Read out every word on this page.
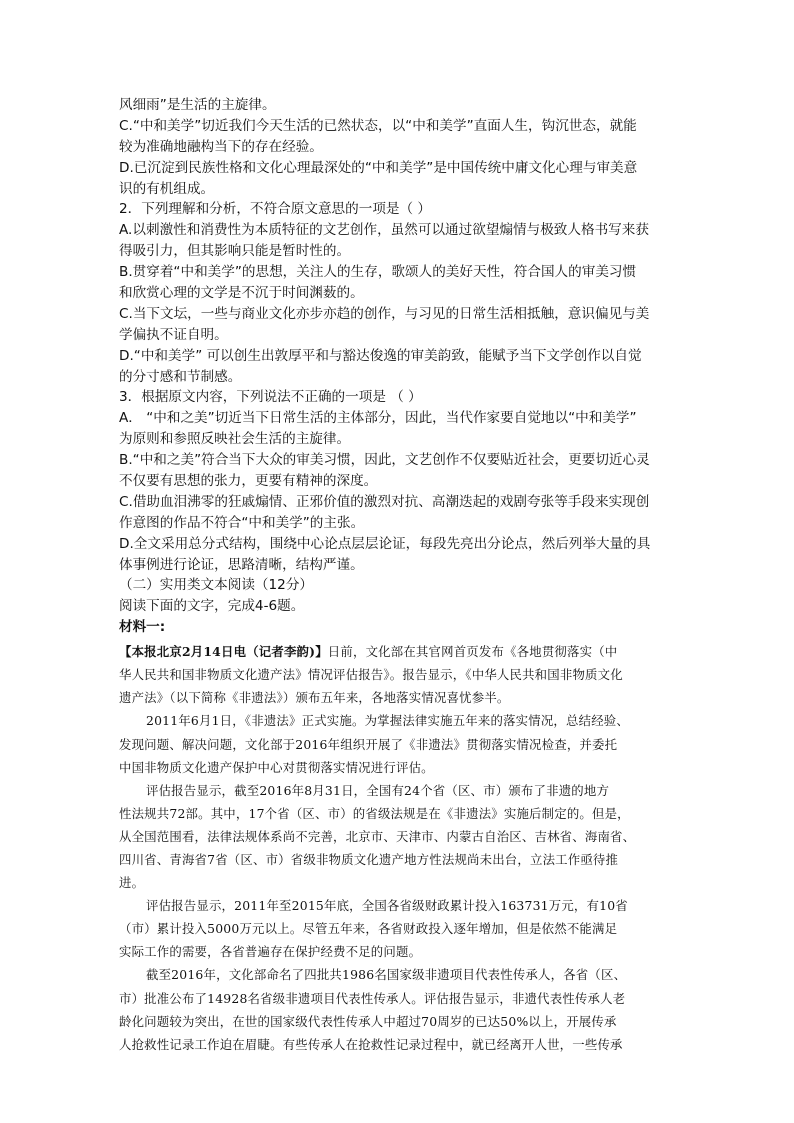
风细雨”是生活的主旋律。
C.“中和美学”切近我们今天生活的已然状态，以“中和美学”直面人生，钩沉世态，就能
较为准确地融构当下的存在经验。
D.已沉淀到民族性格和文化心理最深处的“中和美学”是中国传统中庸文化心理与审美意
识的有机组成。
2．下列理解和分析，不符合原文意思的一项是（ ）
A.以刺激性和消费性为本质特征的文艺创作，虽然可以通过欲望煽情与极致人格书写来获
得吸引力，但其影响只能是暂时性的。
B.贯穿着“中和美学”的思想，关注人的生存，歌颂人的美好天性，符合国人的审美习惯
和欣赏心理的文学是不沉于时间渊薮的。
C.当下文坛，一些与商业文化亦步亦趋的创作，与习见的日常生活相抵触，意识偏见与美
学偏执不证自明。
D.“中和美学” 可以创生出敦厚平和与豁达俊逸的审美韵致，能赋予当下文学创作以自觉
的分寸感和节制感。
3．根据原文内容，下列说法不正确的一项是 （ ）
A． “中和之美”切近当下日常生活的主体部分，因此，当代作家要自觉地以“中和美学”
为原则和参照反映社会生活的主旋律。
B.“中和之美”符合当下大众的审美习惯，因此，文艺创作不仅要贴近社会，更要切近心灵
不仅要有思想的张力，更要有精神的深度。
C.借助血泪沸零的狂戚煽情、正邪价值的激烈对抗、高潮迭起的戏剧夸张等手段来实现创
作意图的作品不符合“中和美学”的主张。
D.全文采用总分式结构，围绕中心论点层层论证，每段先亮出分论点，然后列举大量的具
体事例进行论证，思路清晰，结构严谨。
（二）实用类文本阅读（12分）
阅读下面的文字，完成4-6题。
材料一:
【本报北京2月14日电（记者李韵)】日前，文化部在其官网首页发布《各地贯彻落实（中
华人民共和国非物质文化遗产法》情况评估报告》。报告显示，《中华人民共和国非物质文化
遗产法》（以下简称《非遗法》）颁布五年来，各地落实情况喜忧参半。
2011年6月1日，《非遗法》正式实施。为掌握法律实施五年来的落实情况，总结经验、
发现问题、解决问题，文化部于2016年组织开展了《非遗法》贯彻落实情况检查，并委托
中国非物质文化遗产保护中心对贯彻落实情况进行评估。
评估报告显示，截至2016年8月31日，全国有24个省（区、市）颁布了非遗的地方
性法规共72部。其中，17个省（区、市）的省级法规是在《非遗法》实施后制定的。但是，
从全国范围看，法律法规体系尚不完善，北京市、天津市、内蒙古自治区、吉林省、海南省、
四川省、青海省7省（区、市）省级非物质文化遗产地方性法规尚未出台，立法工作亟待推
进。
评估报告显示，2011年至2015年底，全国各省级财政累计投入163731万元，有10省
（市）累计投入5000万元以上。尽管五年来，各省财政投入逐年增加，但是依然不能满足
实际工作的需要，各省普遍存在保护经费不足的问题。
截至2016年，文化部命名了四批共1986名国家级非遗项目代表性传承人，各省（区、
市）批准公布了14928名省级非遗项目代表性传承人。评估报告显示，非遗代表性传承人老
龄化问题较为突出，在世的国家级代表性传承人中超过70周岁的已达50%以上，开展传承
人抢救性记录工作迫在眉睫。有些传承人在抢救性记录过程中，就已经离开人世，一些传承
